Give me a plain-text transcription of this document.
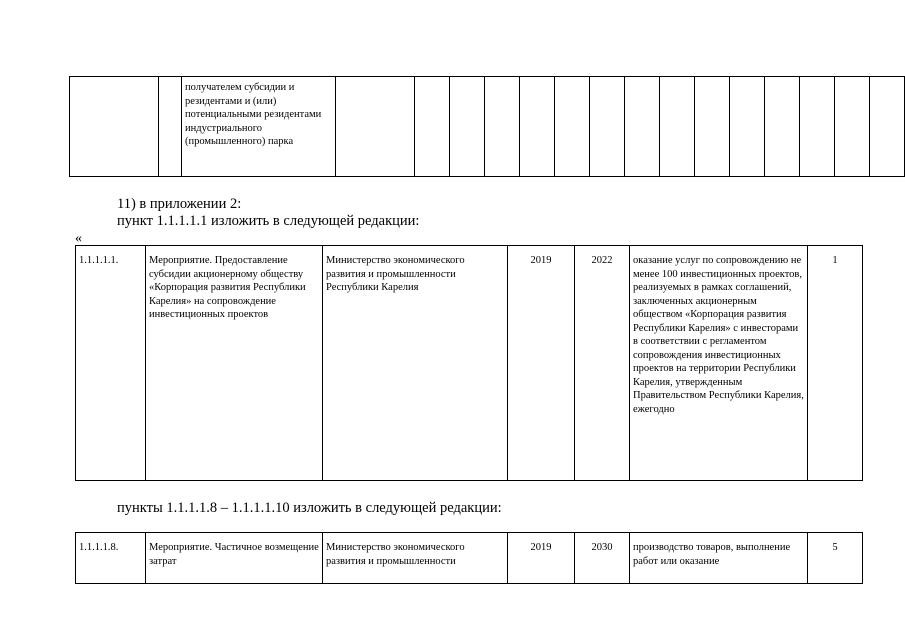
		получателем субсидии и резидентами и (или) потенциальными резидентами индустриального (промышленного) парка																
11) в приложении 2:
пункт 1.1.1.1.1 изложить в следующей редакции:
«
1.1.1.1.1.	Мероприятие. Предоставление субсидии акционерному обществу «Корпорация развития Республики Карелия» на сопровождение инвестиционных проектов	Министерство экономического развития и промышленности Республики Карелия	2019	2022	оказание услуг по сопровождению не менее 100 инвестиционных проектов, реализуемых в рамках соглашений, заключенных акционерным обществом «Корпорация развития Республики Карелия» с инвесторами в соответствии с регламентом сопровождения инвестиционных проектов на территории Республики Карелия, утвержденным Правительством Республики Карелия, ежегодно	1
пункты 1.1.1.1.8 – 1.1.1.1.10 изложить в следующей редакции:
1.1.1.1.8.	Мероприятие. Частичное возмещение затрат	Министерство экономического развития и промышленности	2019	2030	производство товаров, выполнение работ или оказание	5
